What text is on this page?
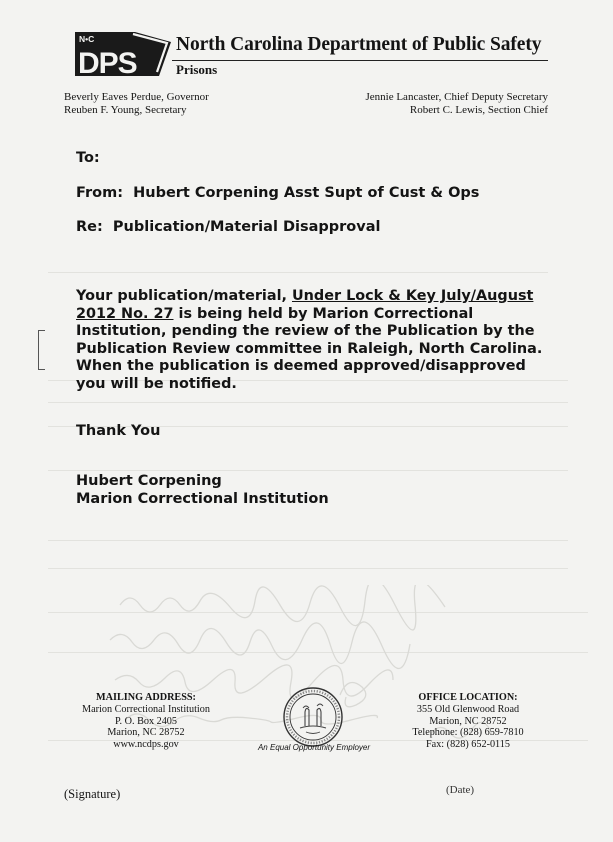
N•C
DPS
North Carolina Department of Public Safety
Prisons
Beverly Eaves Perdue, Governor
Reuben F. Young, Secretary
Jennie Lancaster, Chief Deputy Secretary
Robert C. Lewis, Section Chief
To:
From: Hubert Corpening Asst Supt of Cust & Ops
Re: Publication/Material Disapproval
Your publication/material, Under Lock & Key July/August
2012 No. 27 is being held by Marion Correctional
Institution, pending the review of the Publication by the
Publication Review committee in Raleigh, North Carolina.
When the publication is deemed approved/disapproved
you will be notified.
Thank You
Hubert Corpening
Marion Correctional Institution
MAILING ADDRESS:
Marion Correctional Institution
P. O. Box 2405
Marion, NC 28752
www.ncdps.gov	An Equal Opportunity Employer
OFFICE LOCATION:
355 Old Glenwood Road
Marion, NC 28752
Telephone: (828) 659-7810
Fax: (828) 652-0115
(Signature)	(Date)
